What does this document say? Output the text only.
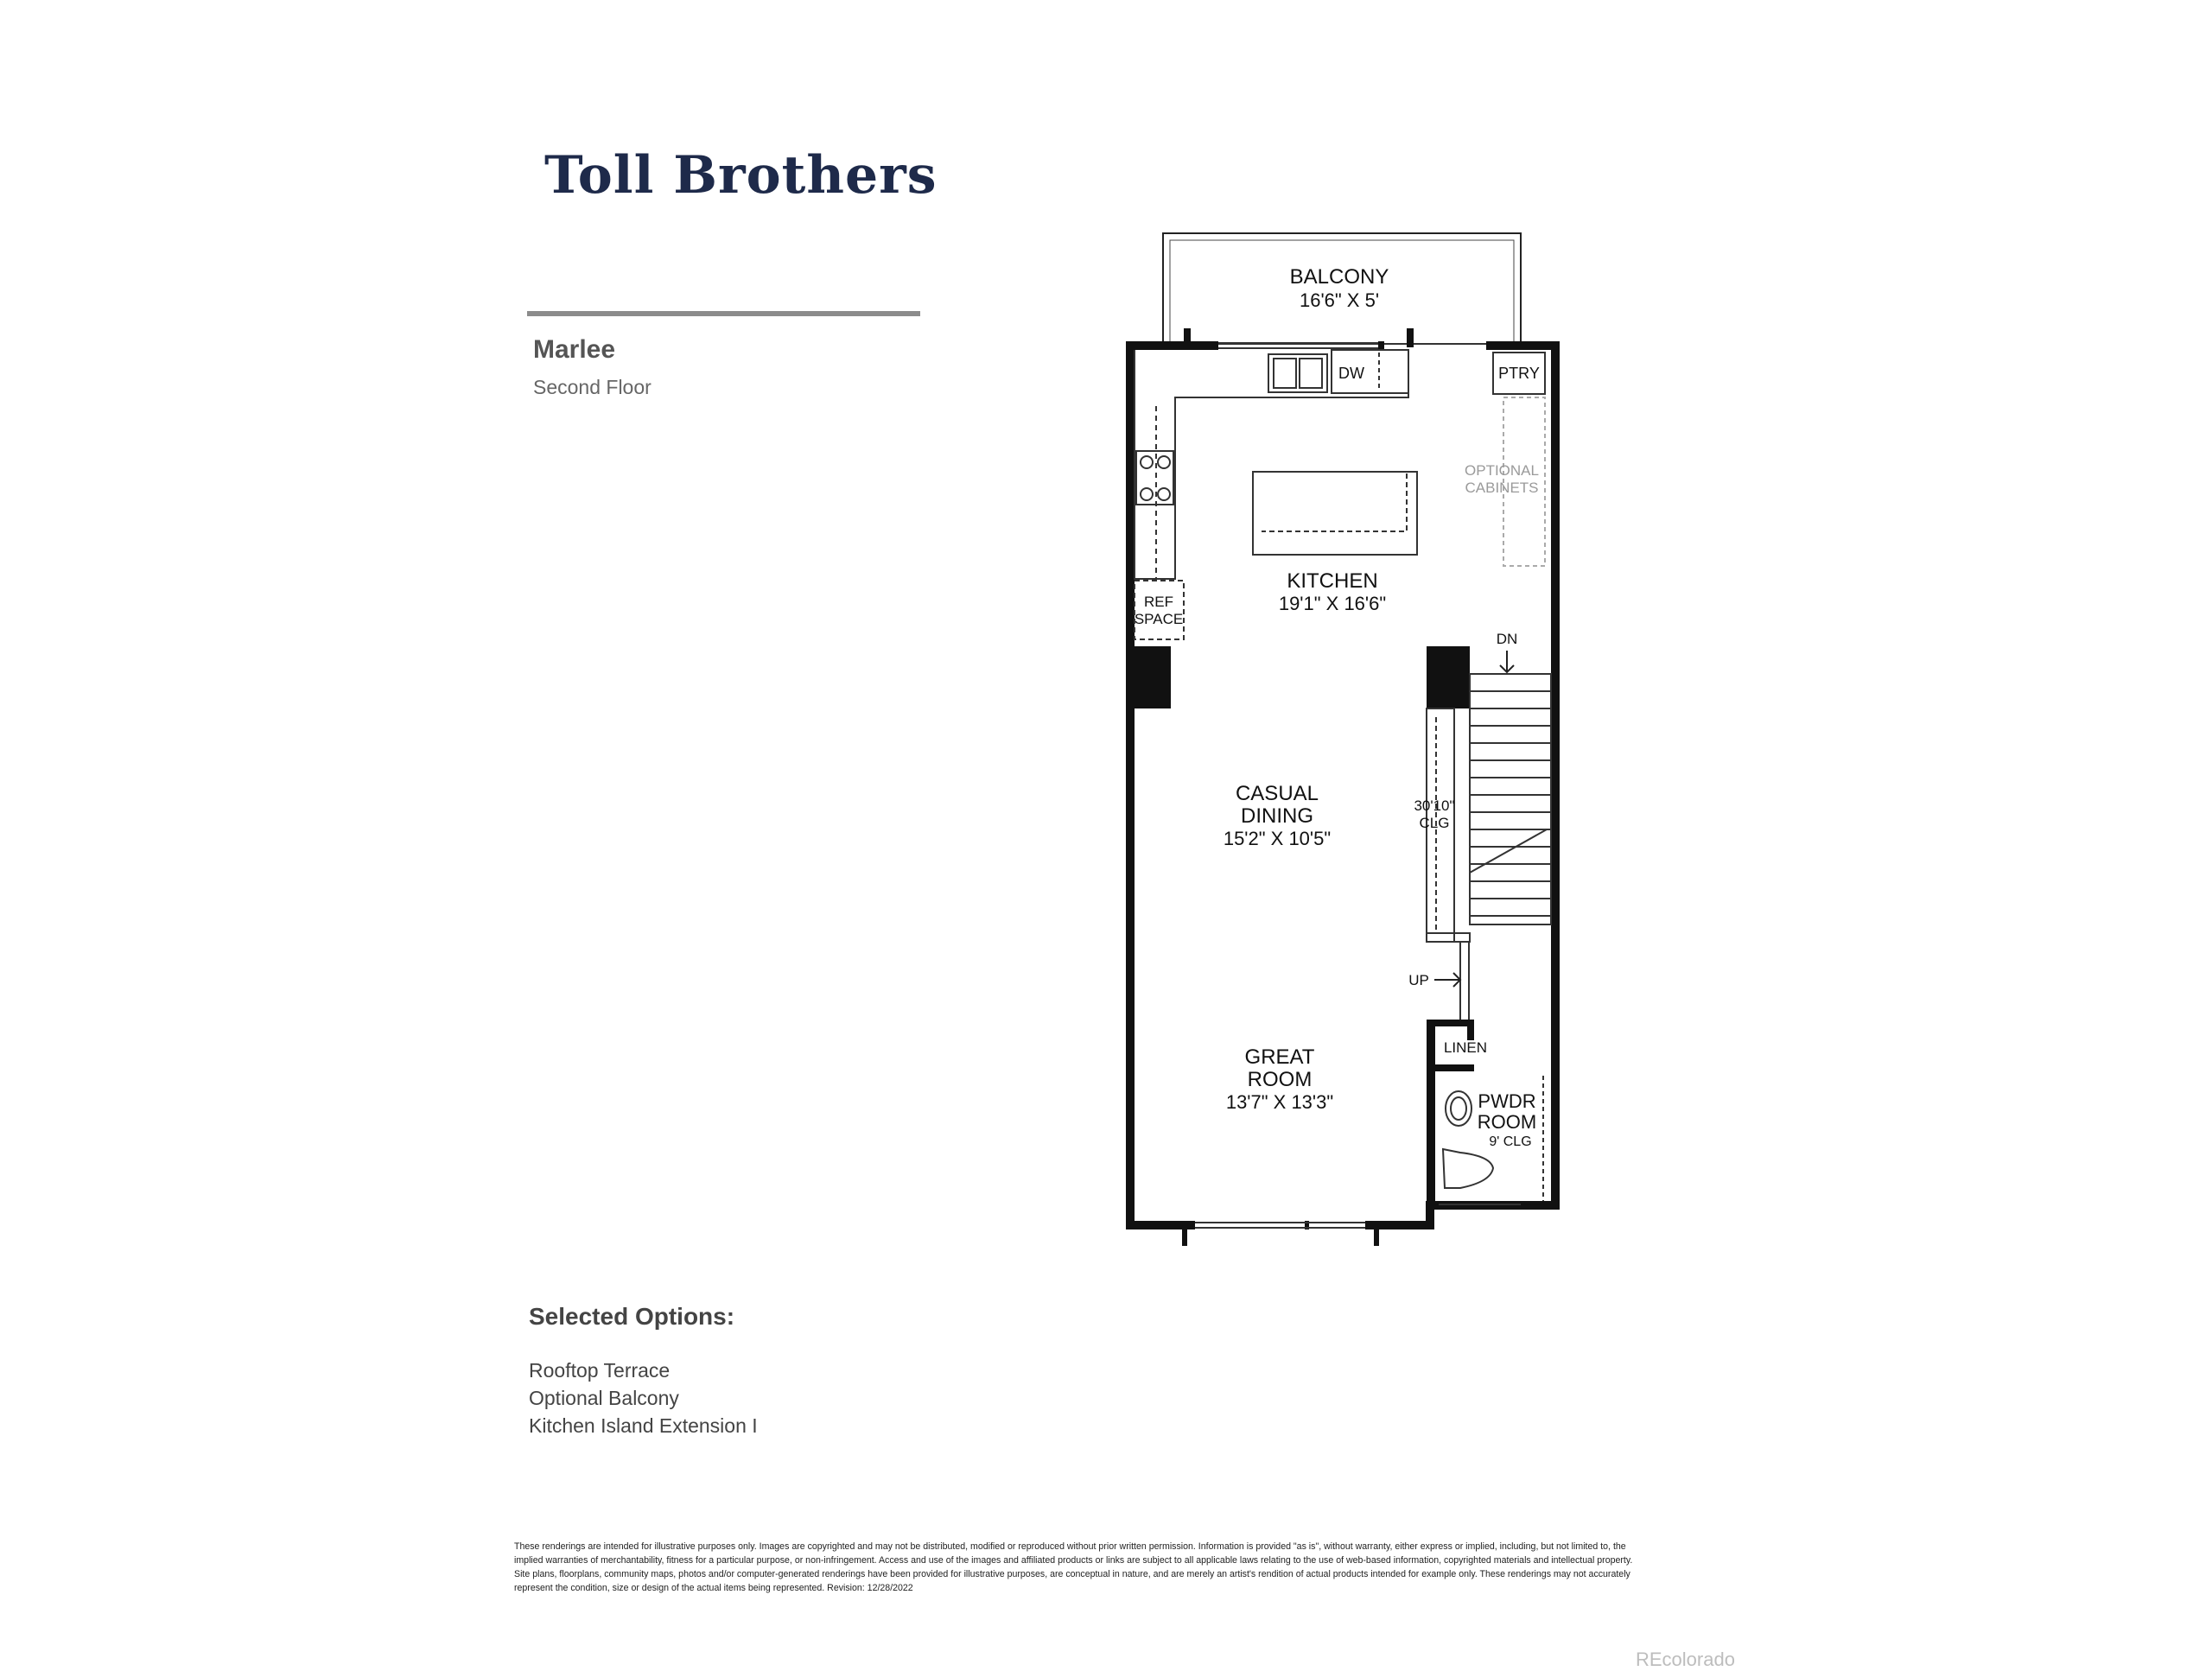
Toll Brothers
Marlee
Second Floor
BALCONY
16'6" X 5'
DW	PTRY
OPTIONAL
CABINETS
REF
SPACE
KITCHEN
19'1" X 16'6"
DN
CASUAL
DINING
15'2" X 10'5"
30'10"
CLG
UP
LINEN
PWDR
ROOM
9' CLG
GREAT
ROOM
13'7" X 13'3"
Selected Options:
Rooftop Terrace
Optional Balcony
Kitchen Island Extension I
These renderings are intended for illustrative purposes only. Images are copyrighted and may not be distributed, modified or reproduced without prior written permission. Information is provided "as is", without warranty, either express or implied, including, but not limited to, the implied warranties of merchantability, fitness for a particular purpose, or non-infringement. Access and use of the images and affiliated products or links are subject to all applicable laws relating to the use of web-based information, copyrighted materials and intellectual property. Site plans, floorplans, community maps, photos and/or computer-generated renderings have been provided for illustrative purposes, are conceptual in nature, and are merely an artist's rendition of actual products intended for example only. These renderings may not accurately represent the condition, size or design of the actual items being represented. Revision: 12/28/2022
REcolorado
